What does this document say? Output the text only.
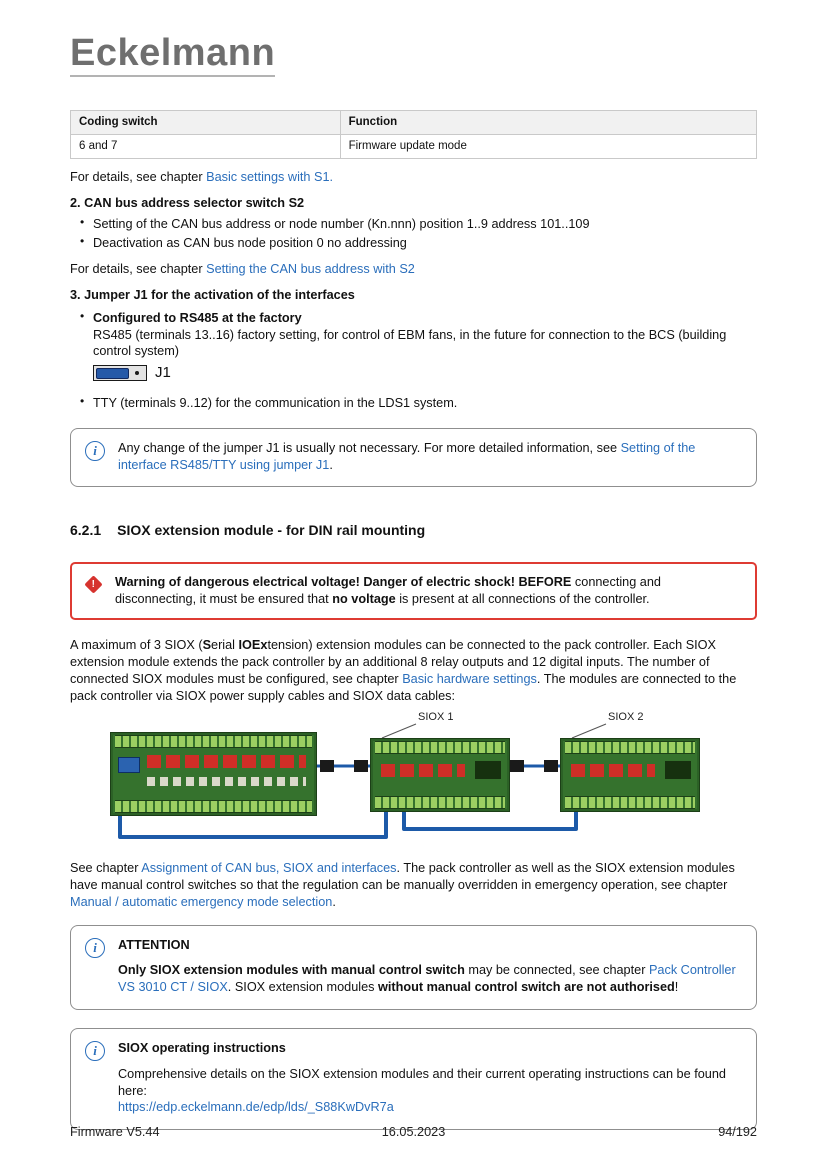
Eckelmann
Coding switch	Function
6 and 7	Firmware update mode

For details, see chapter Basic settings with S1.

2. CAN bus address selector switch S2

• Setting of the CAN bus address or node number (Kn.nnn) position 1..9 address 101..109
• Deactivation as CAN bus node position 0 no addressing

For details, see chapter Setting the CAN bus address with S2

3. Jumper J1 for the activation of the interfaces

• Configured to RS485 at the factory
RS485 (terminals 13..16) factory setting, for control of EBM fans, in the future for connection to the BCS (building control system)
J1
• TTY (terminals 9..12) for the communication in the LDS1 system.
i	Any change of the jumper J1 is usually not necessary. For more detailed information, see Setting of the interface RS485/TTY using jumper J1.
6.2.1 SIOX extension module - for DIN rail mounting
! Warning of dangerous electrical voltage! Danger of electric shock! BEFORE connecting and disconnecting, it must be ensured that no voltage is present at all connections of the controller.

A maximum of 3 SIOX (Serial IOExtension) extension modules can be connected to the pack controller. Each SIOX extension module extends the pack controller by an additional 8 relay outputs and 12 digital inputs. The number of connected SIOX modules must be configured, see chapter Basic hardware settings. The modules are connected to the pack controller via SIOX power supply cables and SIOX data cables:

SIOX 1	SIOX 2

See chapter Assignment of CAN bus, SIOX and interfaces. The pack controller as well as the SIOX extension modules have manual control switches so that the regulation can be manually overridden in emergency operation, see chapter Manual / automatic emergency mode selection.

i	ATTENTION
Only SIOX extension modules with manual control switch may be connected, see chapter Pack Controller VS 3010 CT / SIOX. SIOX extension modules without manual control switch are not authorised!
i	SIOX operating instructions
Comprehensive details on the SIOX extension modules and their current operating instructions can be found here:
https://edp.eckelmann.de/edp/lds/_S88KwDvR7a
Firmware V5.44	16.05.2023	94/192
